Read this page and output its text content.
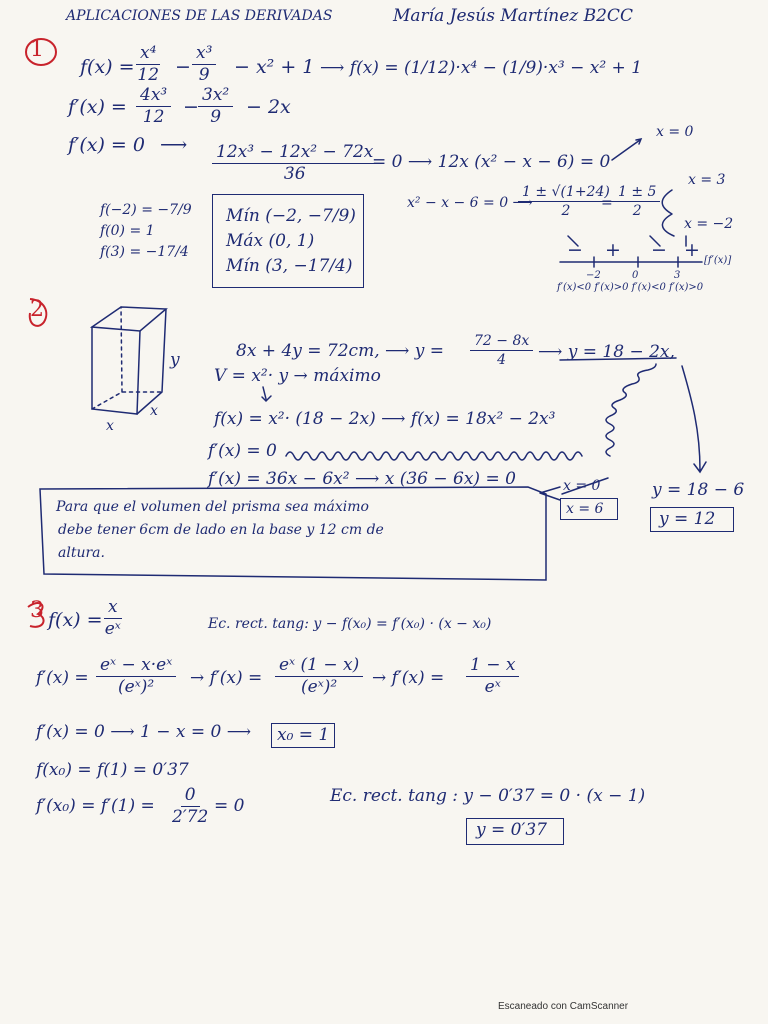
APLICACIONES DE LAS DERIVADAS	María Jesús Martínez B2CC
1
$f(x) = \frac{\text{x⁴}}{12} - \frac{\text{x³}}{9} - x^2 + 1$ ⟶ f(x) = (1/12)·x⁴ − (1/9)·x³ − x² + 1
$f'(x) = \frac{\text{4x³}}{12} - \frac{\text{3x²}}{9} - 2x$
f′(x) = 0 ⟶ $\frac{\text{12x³ − 12x² − 72x}}{36}$
= 0 ⟶ 12x (x² − x − 6) = 0
x = 0
x² − x − 6 = 0 ⟶
$\frac{1 \pm √(1+24)}{2}$
= $\frac{1 \pm 5}{2}$
x = 3
x = −2
f(−2) = −7/9
f(0) = 1
f(3) = −17/4
Mín (−2, −7/9)
Máx (0, 1)
Mín (3, −17/4)
− + − + [f′(x)]
−2	0	3
f′(x)<0 f′(x)>0 f′(x)<0 f′(x)>0
2
y
x
x
8x + 4y = 72cm, ⟶ $y = \frac{72 - 8x}{4}$ ⟶ y = 18 − 2x,
V = x²· y → máximo
f(x) = x²· (18 − 2x) ⟶ f(x) = 18x² − 2x³
f′(x) = 0
f′(x) = 36x − 6x² ⟶ x (36 − 6x) = 0	x = 0
x = 6
y = 18 − 6
y = 12
Para que el volumen del prisma sea máximo
debe tener 6cm de lado en la base y 12 cm de
altura.
3 $f(x) = \frac{x}{\text{eˣ}}$	Ec. rect. tang: y − f(x₀) = f′(x₀) · (x − x₀)
$f'(x) = \frac{\text{eˣ − x·eˣ}}{\text{(eˣ)²}} \to f'(x) = \frac{\text{eˣ (1 − x)}}{\text{(eˣ)²}} \to f'(x) = \frac{1 - x}{\text{eˣ}}$
f′(x) = 0 ⟶ 1 − x = 0 ⟶ x₀ = 1
f(x₀) = f(1) = 0′37
$f'(x_0) = f'(1) = \frac{0}{2'72} = 0$	Ec. rect. tang : y − 0′37 = 0 · (x − 1)
y = 0′37
Escaneado con CamScanner
